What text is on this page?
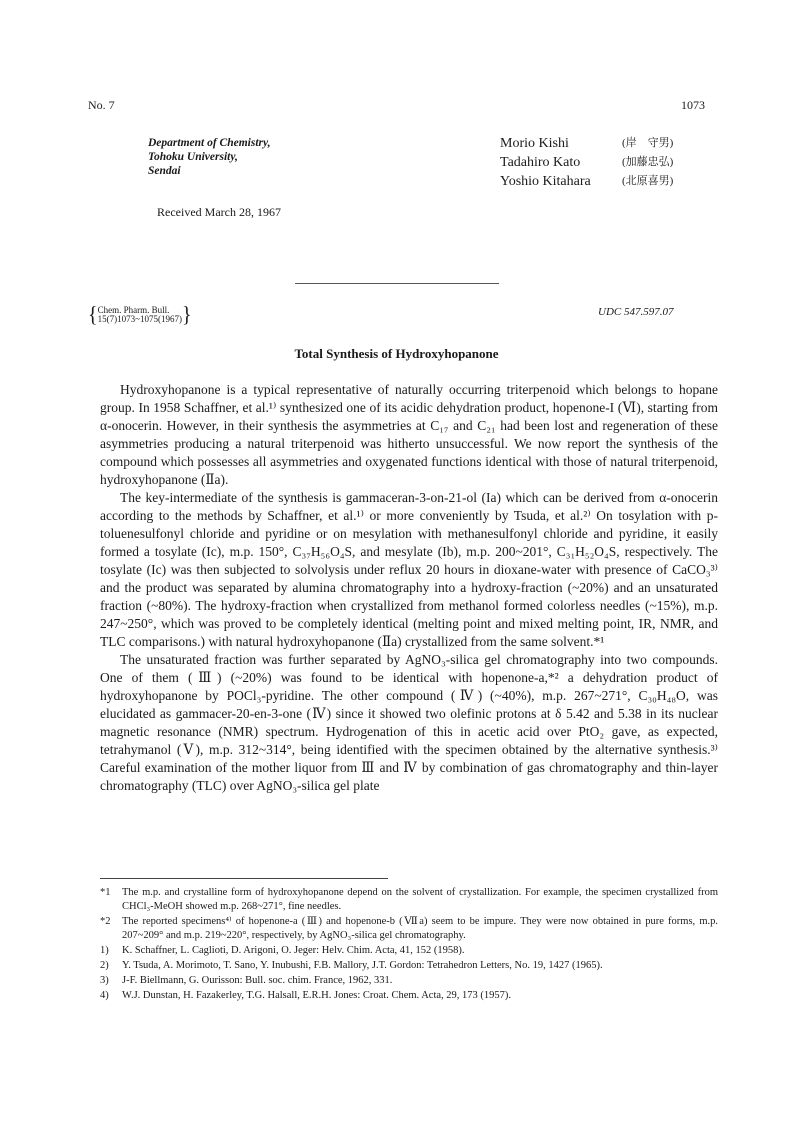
No. 7	1073
Department of Chemistry,
Tohoku University,
Sendai
Morio Kishi	(岸　守男)
Tadahiro Kato	(加藤忠弘)
Yoshio Kitahara	(北原喜男)
Received March 28, 1967
{ Chem. Pharm. Bull.
15(7)1073~1075(1967) }	UDC 547.597.07
Total Synthesis of Hydroxyhopanone

Hydroxyhopanone is a typical representative of naturally occurring triterpenoid which belongs to hopane group. In 1958 Schaffner, et al.¹⁾ synthesized one of its acidic dehydration product, hopenone-I (Ⅵ), starting from α-onocerin. However, in their synthesis the asymmetries at C₁₇ and C₂₁ had been lost and regeneration of these asymmetries producing a natural triterpenoid was hitherto unsuccessful. We now report the synthesis of the compound which possesses all asymmetries and oxygenated functions identical with those of natural triterpenoid, hydroxyhopanone (Ⅱa).

The key-intermediate of the synthesis is gammaceran-3-on-21-ol (Ia) which can be derived from α-onocerin according to the methods by Schaffner, et al.¹⁾ or more conveniently by Tsuda, et al.²⁾ On tosylation with p-toluenesulfonyl chloride and pyridine or on mesylation with methanesulfonyl chloride and pyridine, it easily formed a tosylate (Ic), m.p. 150°, C₃₇H₅₆O₄S, and mesylate (Ib), m.p. 200~201°, C₃₁H₅₂O₄S, respectively. The tosylate (Ic) was then subjected to solvolysis under reflux 20 hours in dioxane-water with presence of CaCO₃³⁾ and the product was separated by alumina chromatography into a hydroxy-fraction (~20%) and an unsaturated fraction (~80%). The hydroxy-fraction when crystallized from methanol formed colorless needles (~15%), m.p. 247~250°, which was proved to be completely identical (melting point and mixed melting point, IR, NMR, and TLC comparisons.) with natural hydroxyhopanone (Ⅱa) crystallized from the same solvent.*¹

The unsaturated fraction was further separated by AgNO₃-silica gel chromatography into two compounds. One of them (Ⅲ) (~20%) was found to be identical with hopenone-a,*² a dehydration product of hydroxyhopanone by POCl₃-pyridine. The other compound (Ⅳ) (~40%), m.p. 267~271°, C₃₀H₄₈O, was elucidated as gammacer-20-en-3-one (Ⅳ) since it showed two olefinic protons at δ 5.42 and 5.38 in its nuclear magnetic resonance (NMR) spectrum. Hydrogenation of this in acetic acid over PtO₂ gave, as expected, tetrahymanol (Ⅴ), m.p. 312~314°, being identified with the specimen obtained by the alternative synthesis.³⁾ Careful examination of the mother liquor from Ⅲ and Ⅳ by combination of gas chromatography and thin-layer chromatography (TLC) over AgNO₃-silica gel plate

*1	The m.p. and crystalline form of hydroxyhopanone depend on the solvent of crystallization. For example, the specimen crystallized from CHCl₃-MeOH showed m.p. 268~271°, fine needles.
*2	The reported specimens⁴⁾ of hopenone-a (Ⅲ) and hopenone-b (Ⅶa) seem to be impure. They were now obtained in pure forms, m.p. 207~209° and m.p. 219~220°, respectively, by AgNO₃-silica gel chromatography.
1)	K. Schaffner, L. Caglioti, D. Arigoni, O. Jeger: Helv. Chim. Acta, 41, 152 (1958).
2)	Y. Tsuda, A. Morimoto, T. Sano, Y. Inubushi, F.B. Mallory, J.T. Gordon: Tetrahedron Letters, No. 19, 1427 (1965).
3)	J-F. Biellmann, G. Ourisson: Bull. soc. chim. France, 1962, 331.
4)	W.J. Dunstan, H. Fazakerley, T.G. Halsall, E.R.H. Jones: Croat. Chem. Acta, 29, 173 (1957).
